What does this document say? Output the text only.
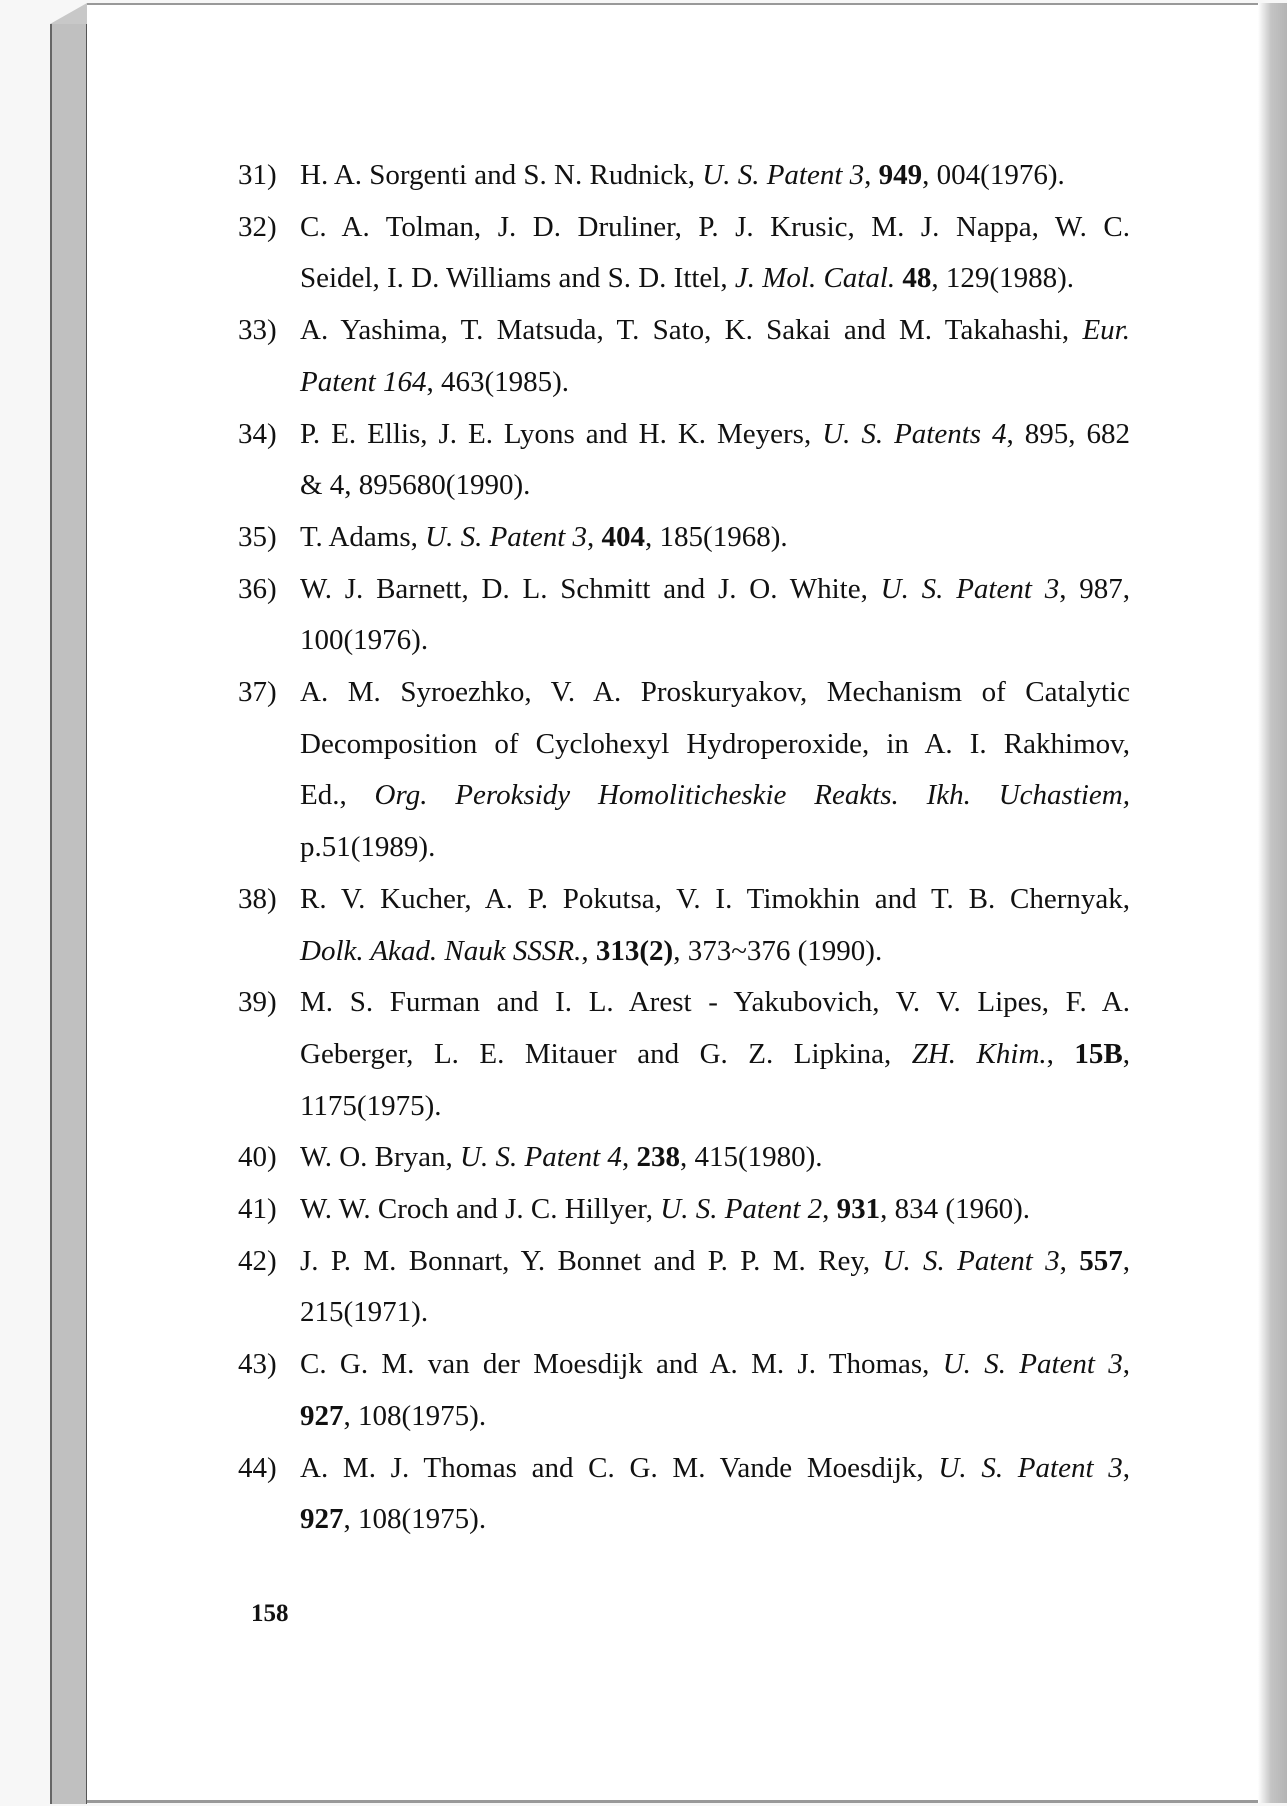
31) H. A. Sorgenti and S. N. Rudnick, U. S. Patent 3, 949, 004(1976).
32) C. A. Tolman, J. D. Druliner, P. J. Krusic, M. J. Nappa, W. C.
Seidel, I. D. Williams and S. D. Ittel, J. Mol. Catal. 48, 129(1988).
33) A. Yashima, T. Matsuda, T. Sato, K. Sakai and M. Takahashi, Eur.
Patent 164, 463(1985).
34) P. E. Ellis, J. E. Lyons and H. K. Meyers, U. S. Patents 4, 895, 682
& 4, 895680(1990).
35) T. Adams, U. S. Patent 3, 404, 185(1968).
36) W. J. Barnett, D. L. Schmitt and J. O. White, U. S. Patent 3, 987,
100(1976).
37) A. M. Syroezhko, V. A. Proskuryakov, Mechanism of Catalytic
Decomposition of Cyclohexyl Hydroperoxide, in A. I. Rakhimov,
Ed., Org. Peroksidy Homoliticheskie Reakts. Ikh. Uchastiem,
p.51(1989).
38) R. V. Kucher, A. P. Pokutsa, V. I. Timokhin and T. B. Chernyak,
Dolk. Akad. Nauk SSSR., 313(2), 373~376 (1990).
39) M. S. Furman and I. L. Arest - Yakubovich, V. V. Lipes, F. A.
Geberger, L. E. Mitauer and G. Z. Lipkina, ZH. Khim., 15B,
1175(1975).
40) W. O. Bryan, U. S. Patent 4, 238, 415(1980).
41) W. W. Croch and J. C. Hillyer, U. S. Patent 2, 931, 834 (1960).
42) J. P. M. Bonnart, Y. Bonnet and P. P. M. Rey, U. S. Patent 3, 557,
215(1971).
43) C. G. M. van der Moesdijk and A. M. J. Thomas, U. S. Patent 3,
927, 108(1975).
44) A. M. J. Thomas and C. G. M. Vande Moesdijk, U. S. Patent 3,
927, 108(1975).
158
